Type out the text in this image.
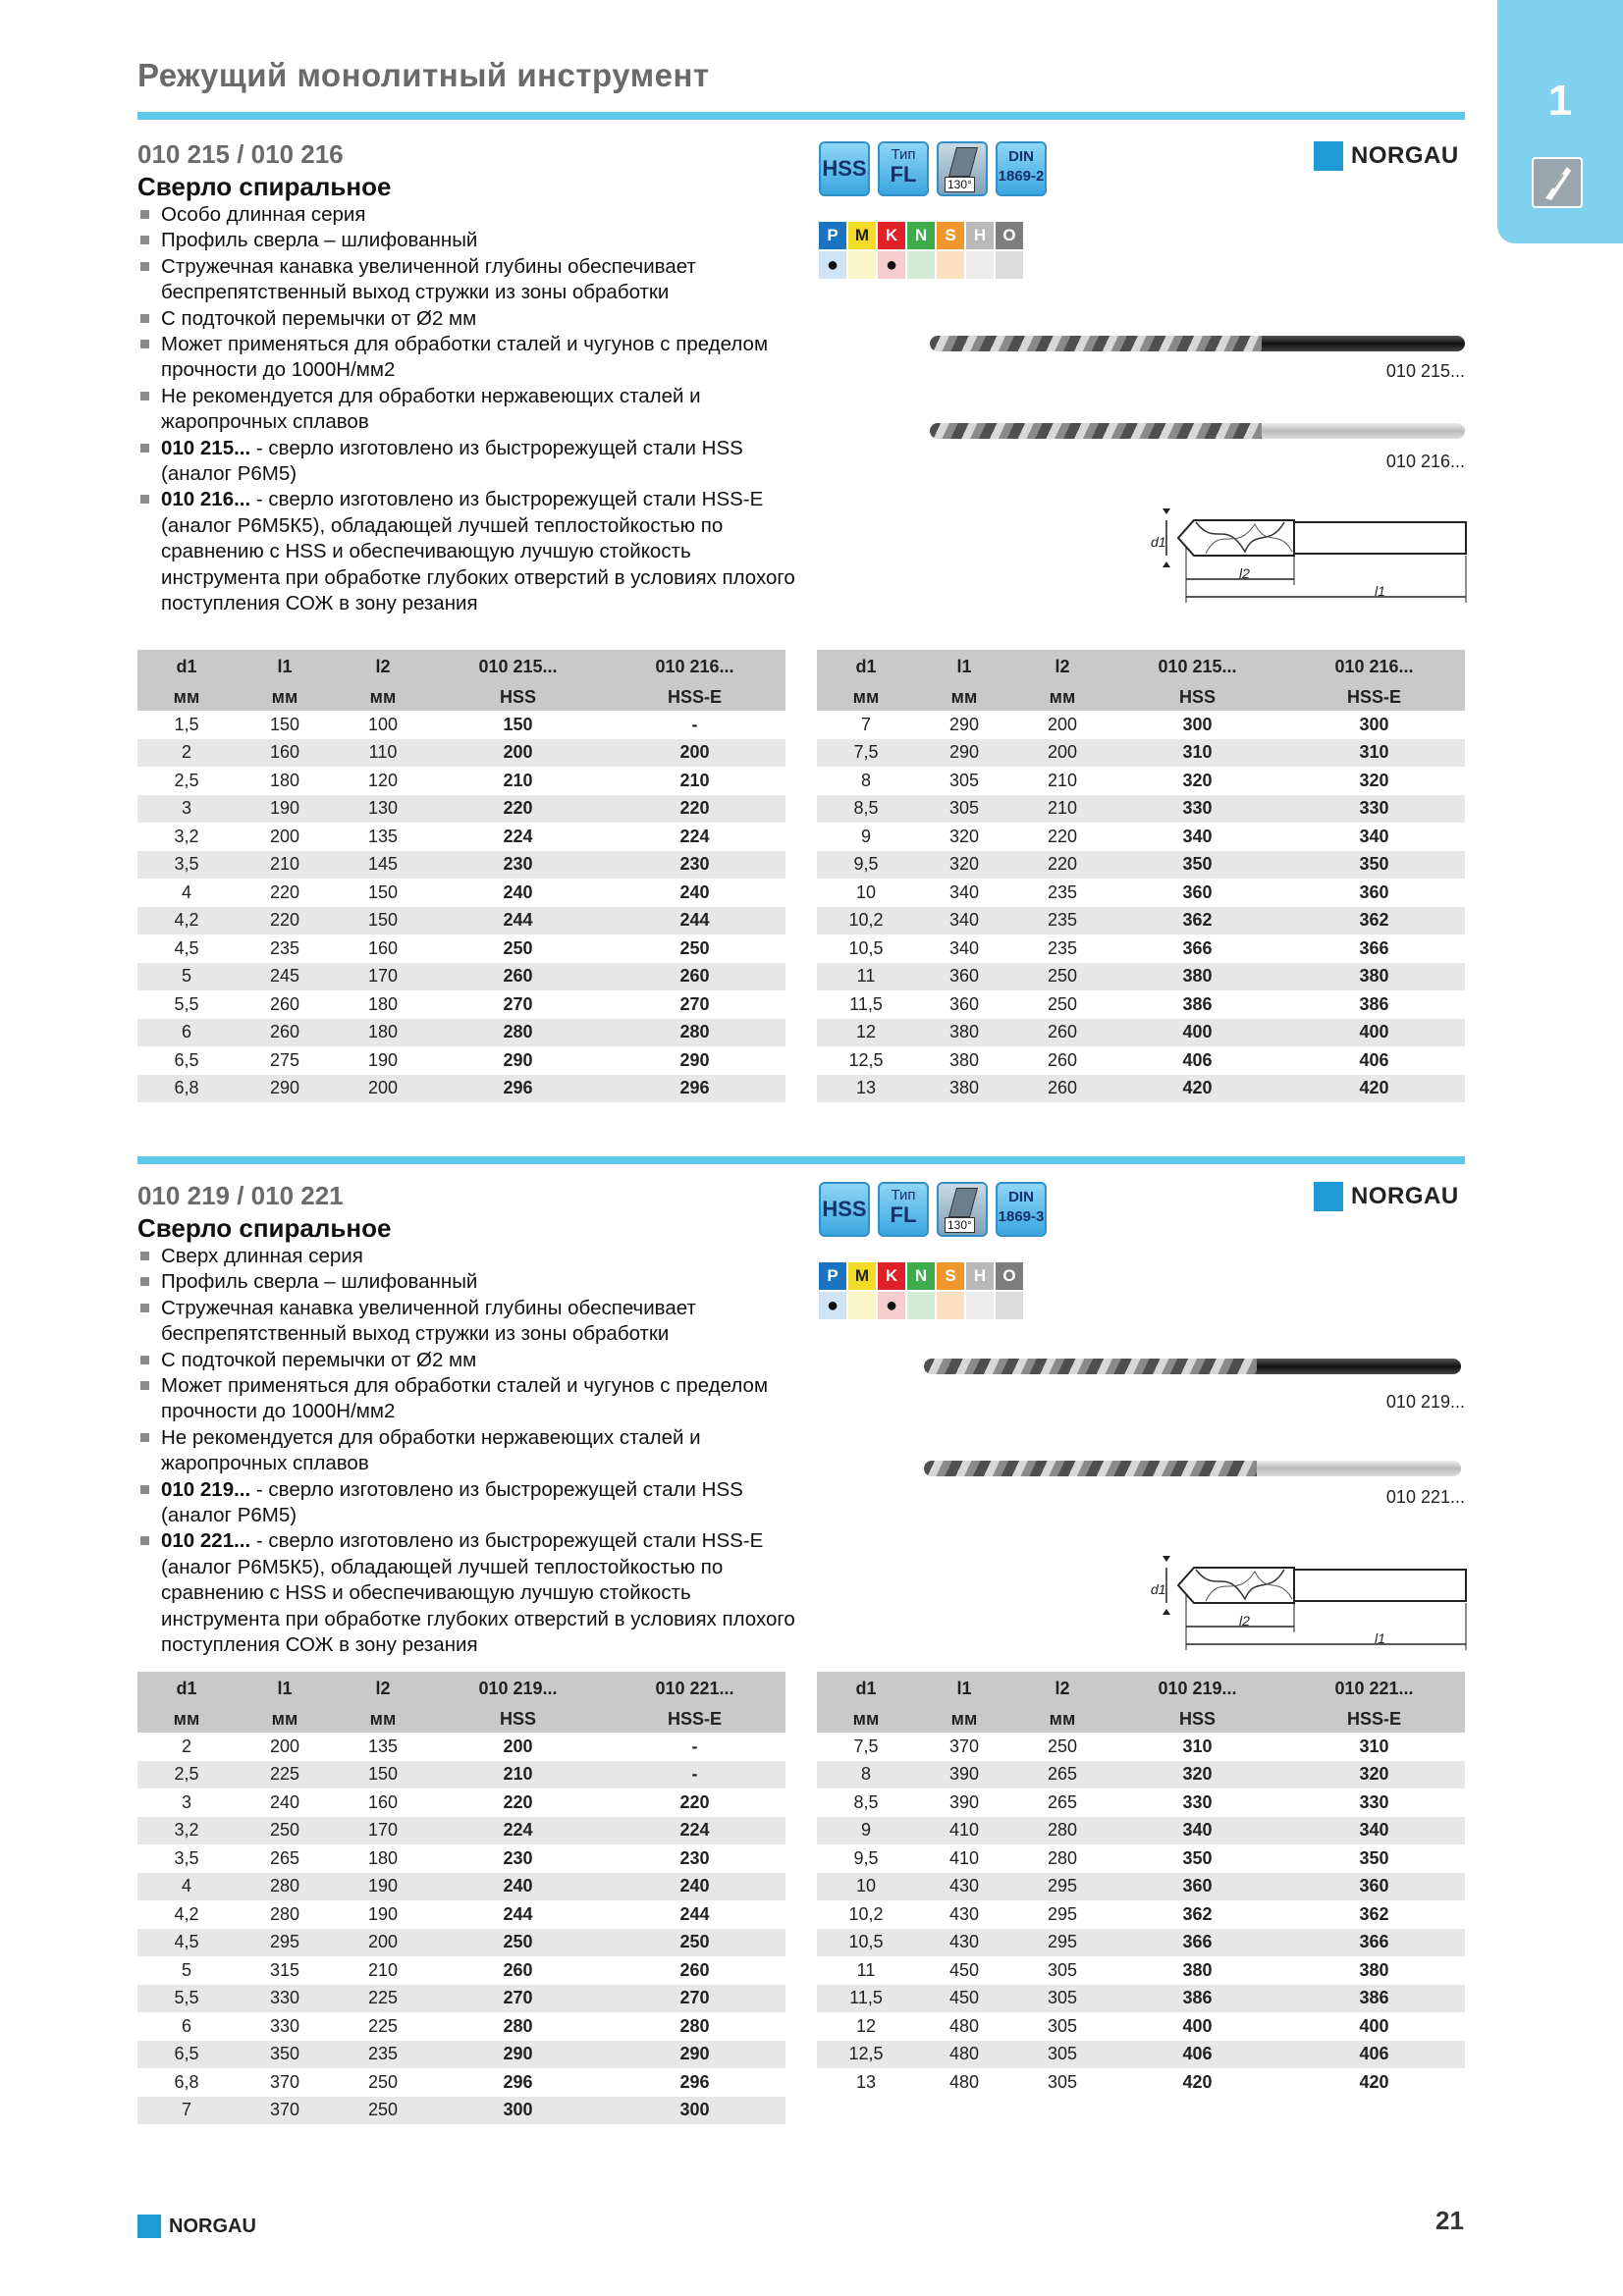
Режущий монолитный инструмент
1
010 215 / 010 216
Сверло спиральное
Особо длинная серия
Профиль сверла – шлифованный
Стружечная канавка увеличенной глубины обеспечивает беспрепятственный выход стружки из зоны обработки
С подточкой перемычки от Ø2 мм
Может применяться для обработки сталей и чугунов с пределом прочности до 1000Н/мм2
Не рекомендуется для обработки нержавеющих сталей и жаропрочных сплавов
010 215... - сверло изготовлено из быстрорежущей стали HSS (аналог Р6М5)
010 216... - сверло изготовлено из быстрорежущей стали HSS-E (аналог Р6М5К5), обладающей лучшей теплостойкостью по сравнению с HSS и обеспечивающую лучшую стойкость инструмента при обработке глубоких отверстий в условиях плохого поступления СОЖ в зону резания
HSS
Тип
FL	130°
DIN
1869-2
NORGAU
P	M K	N	S	H	O
●	●
010 215...
010 216...
d1
l2
l1
d1	l1	l2	010 215...	010 216...
мм	мм	мм	HSS	HSS-E
1,5	150	100	150	-
2	160	110	200	200
2,5	180	120	210	210
3	190	130	220	220
3,2	200	135	224	224
3,5	210	145	230	230
4	220	150	240	240
4,2	220	150	244	244
4,5	235	160	250	250
5	245	170	260	260
5,5	260	180	270	270
6	260	180	280	280
6,5	275	190	290	290
6,8	290	200	296	296
d1	l1	l2	010 215...	010 216...
мм	мм	мм	HSS	HSS-E
7	290	200	300	300
7,5	290	200	310	310
8	305	210	320	320
8,5	305	210	330	330
9	320	220	340	340
9,5	320	220	350	350
10	340	235	360	360
10,2	340	235	362	362
10,5	340	235	366	366
11	360	250	380	380
11,5	360	250	386	386
12	380	260	400	400
12,5	380	260	406	406
13	380	260	420	420
010 219 / 010 221
Сверло спиральное
Сверх длинная серия
Профиль сверла – шлифованный
Стружечная канавка увеличенной глубины обеспечивает беспрепятственный выход стружки из зоны обработки
С подточкой перемычки от Ø2 мм
Может применяться для обработки сталей и чугунов с пределом прочности до 1000Н/мм2
Не рекомендуется для обработки нержавеющих сталей и жаропрочных сплавов
010 219... - сверло изготовлено из быстрорежущей стали HSS (аналог Р6М5)
010 221... - сверло изготовлено из быстрорежущей стали HSS-E (аналог Р6М5К5), обладающей лучшей теплостойкостью по сравнению с HSS и обеспечивающую лучшую стойкость инструмента при обработке глубоких отверстий в условиях плохого поступления СОЖ в зону резания
HSS
Тип
FL	130°
DIN
1869-3
NORGAU
P	M K	N	S	H	O
●	●
010 219...
010 221...
d1
l2
l1
d1	l1	l2	010 219...	010 221...
мм	мм	мм	HSS	HSS-E
2	200	135	200	-
2,5	225	150	210	-
3	240	160	220	220
3,2	250	170	224	224
3,5	265	180	230	230
4	280	190	240	240
4,2	280	190	244	244
4,5	295	200	250	250
5	315	210	260	260
5,5	330	225	270	270
6	330	225	280	280
6,5	350	235	290	290
6,8	370	250	296	296
7	370	250	300	300
d1	l1	l2	010 219...	010 221...
мм	мм	мм	HSS	HSS-E
7,5	370	250	310	310
8	390	265	320	320
8,5	390	265	330	330
9	410	280	340	340
9,5	410	280	350	350
10	430	295	360	360
10,2	430	295	362	362
10,5	430	295	366	366
11	450	305	380	380
11,5	450	305	386	386
12	480	305	400	400
12,5	480	305	406	406
13	480	305	420	420
NORGAU	21
